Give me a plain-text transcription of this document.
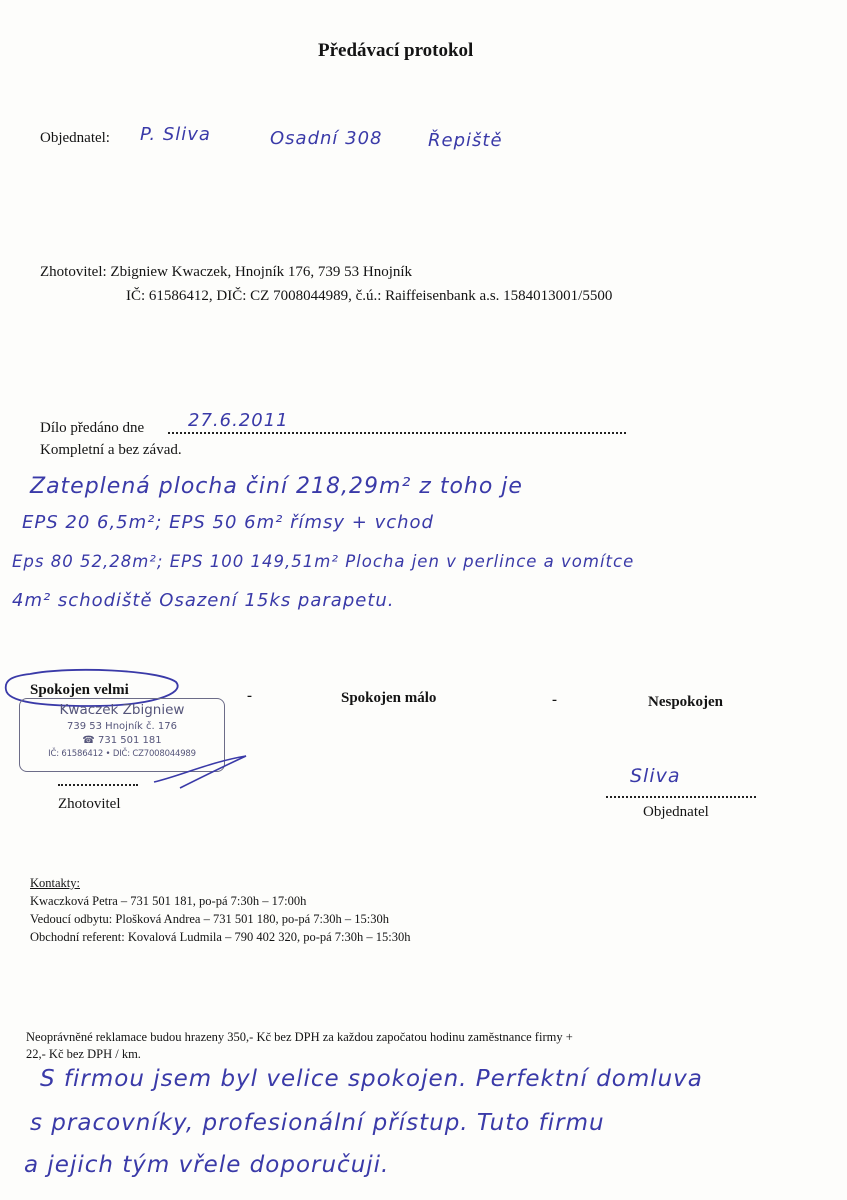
Předávací protokol
Objednatel: P. Sliva	Osadní 308	Řepiště
Zhotovitel: Zbigniew Kwaczek, Hnojník 176, 739 53 Hnojník
IČ: 61586412, DIČ: CZ 7008044989, č.ú.: Raiffeisenbank a.s. 1584013001/5500
Dílo předáno dne 27.6.2011
Kompletní a bez závad.
Zateplená plocha činí 218,29m² z toho je
EPS 20 6,5m²; EPS 50 6m² římsy + vchod
Eps 80 52,28m²; EPS 100 149,51m² Plocha jen v perlince a vomítce
4m² schodiště Osazení 15ks parapetu.
Spokojen velmi	-	Spokojen málo	-	Nespokojen
Kwaczek Zbigniew
739 53 Hnojník č. 176
☎ 731 501 181
IČ: 61586412 • DIČ: CZ7008044989
Zhotovitel
Sliva
Objednatel
Kontakty:
Kwaczková Petra – 731 501 181, po-pá 7:30h – 17:00h
Vedoucí odbytu: Plošková Andrea – 731 501 180, po-pá 7:30h – 15:30h
Obchodní referent: Kovalová Ludmila – 790 402 320, po-pá 7:30h – 15:30h
Neoprávněné reklamace budou hrazeny 350,- Kč bez DPH za každou započatou hodinu zaměstnance firmy +
22,- Kč bez DPH / km.
S firmou jsem byl velice spokojen. Perfektní domluva
s pracovníky, profesionální přístup. Tuto firmu
a jejich tým vřele doporučuji.
